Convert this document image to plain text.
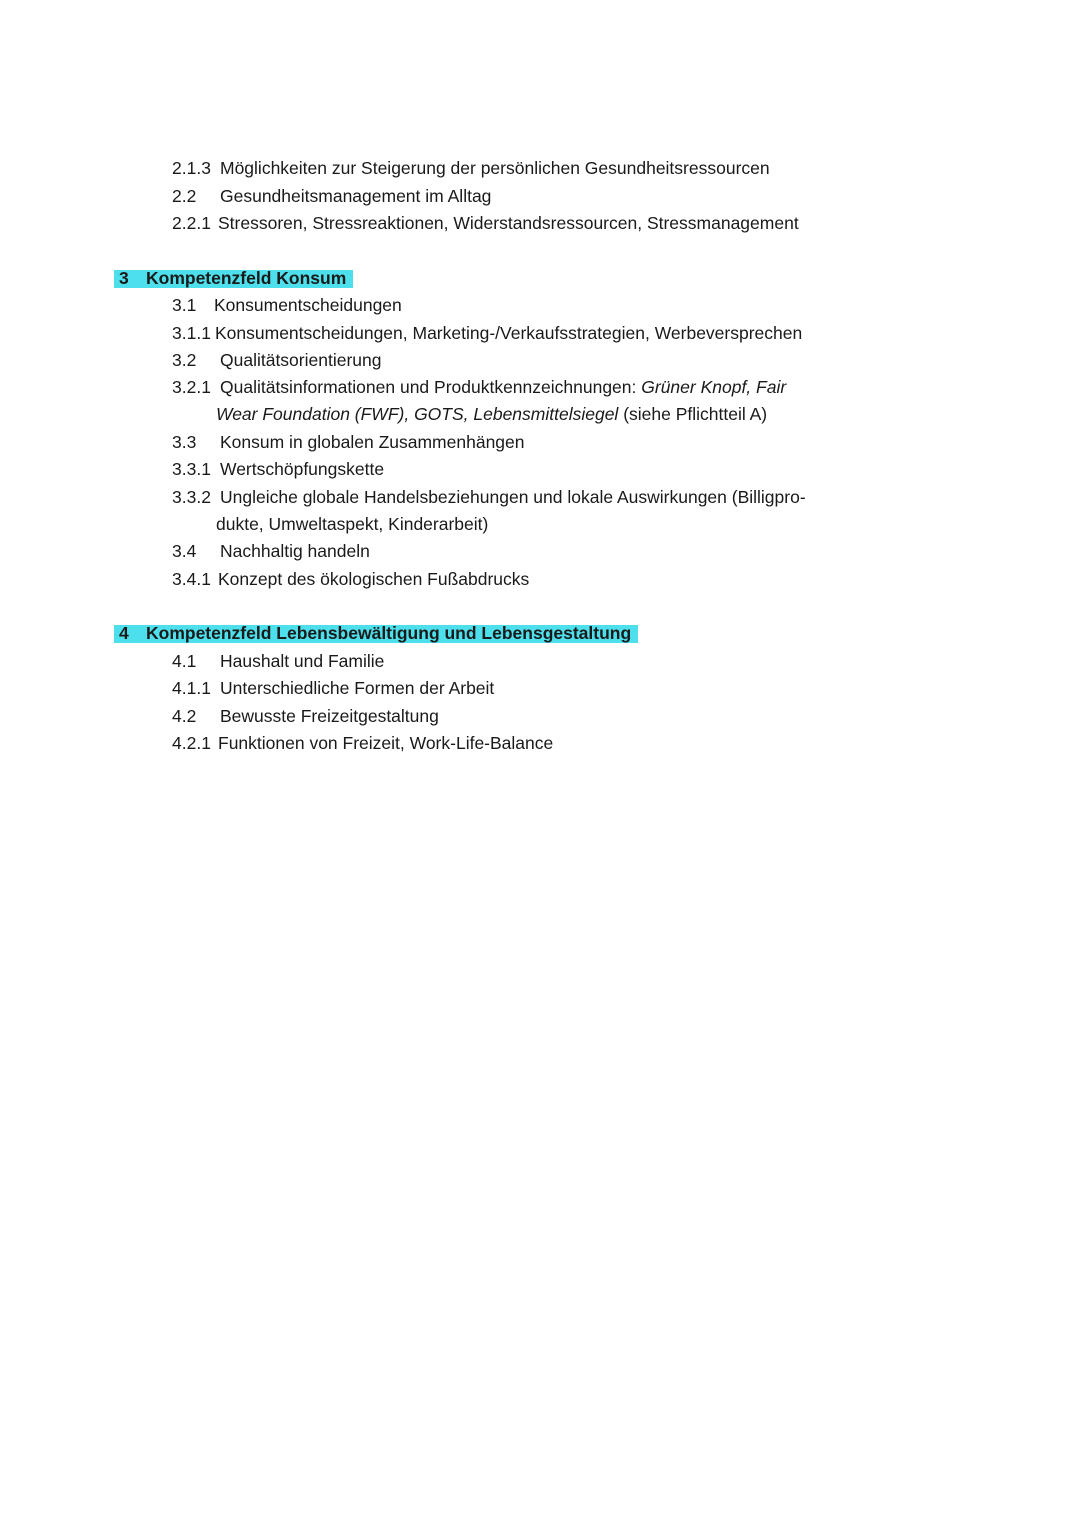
2.1.3 Möglichkeiten zur Steigerung der persönlichen Gesundheitsressourcen
2.2 Gesundheitsmanagement im Alltag
2.2.1 Stressoren, Stressreaktionen, Widerstandsressourcen, Stressmanagement
3 Kompetenzfeld Konsum
3.1 Konsumentscheidungen
3.1.1 Konsumentscheidungen, Marketing-/Verkaufsstrategien, Werbeversprechen
3.2 Qualitätsorientierung
3.2.1 Qualitätsinformationen und Produktkennzeichnungen: Grüner Knopf, Fair
Wear Foundation (FWF), GOTS, Lebensmittelsiegel (siehe Pflichtteil A)
3.3 Konsum in globalen Zusammenhängen
3.3.1 Wertschöpfungskette
3.3.2 Ungleiche globale Handelsbeziehungen und lokale Auswirkungen (Billigpro-
dukte, Umweltaspekt, Kinderarbeit)
3.4 Nachhaltig handeln
3.4.1 Konzept des ökologischen Fußabdrucks
4 Kompetenzfeld Lebensbewältigung und Lebensgestaltung
4.1 Haushalt und Familie
4.1.1 Unterschiedliche Formen der Arbeit
4.2 Bewusste Freizeitgestaltung
4.2.1 Funktionen von Freizeit, Work-Life-Balance
